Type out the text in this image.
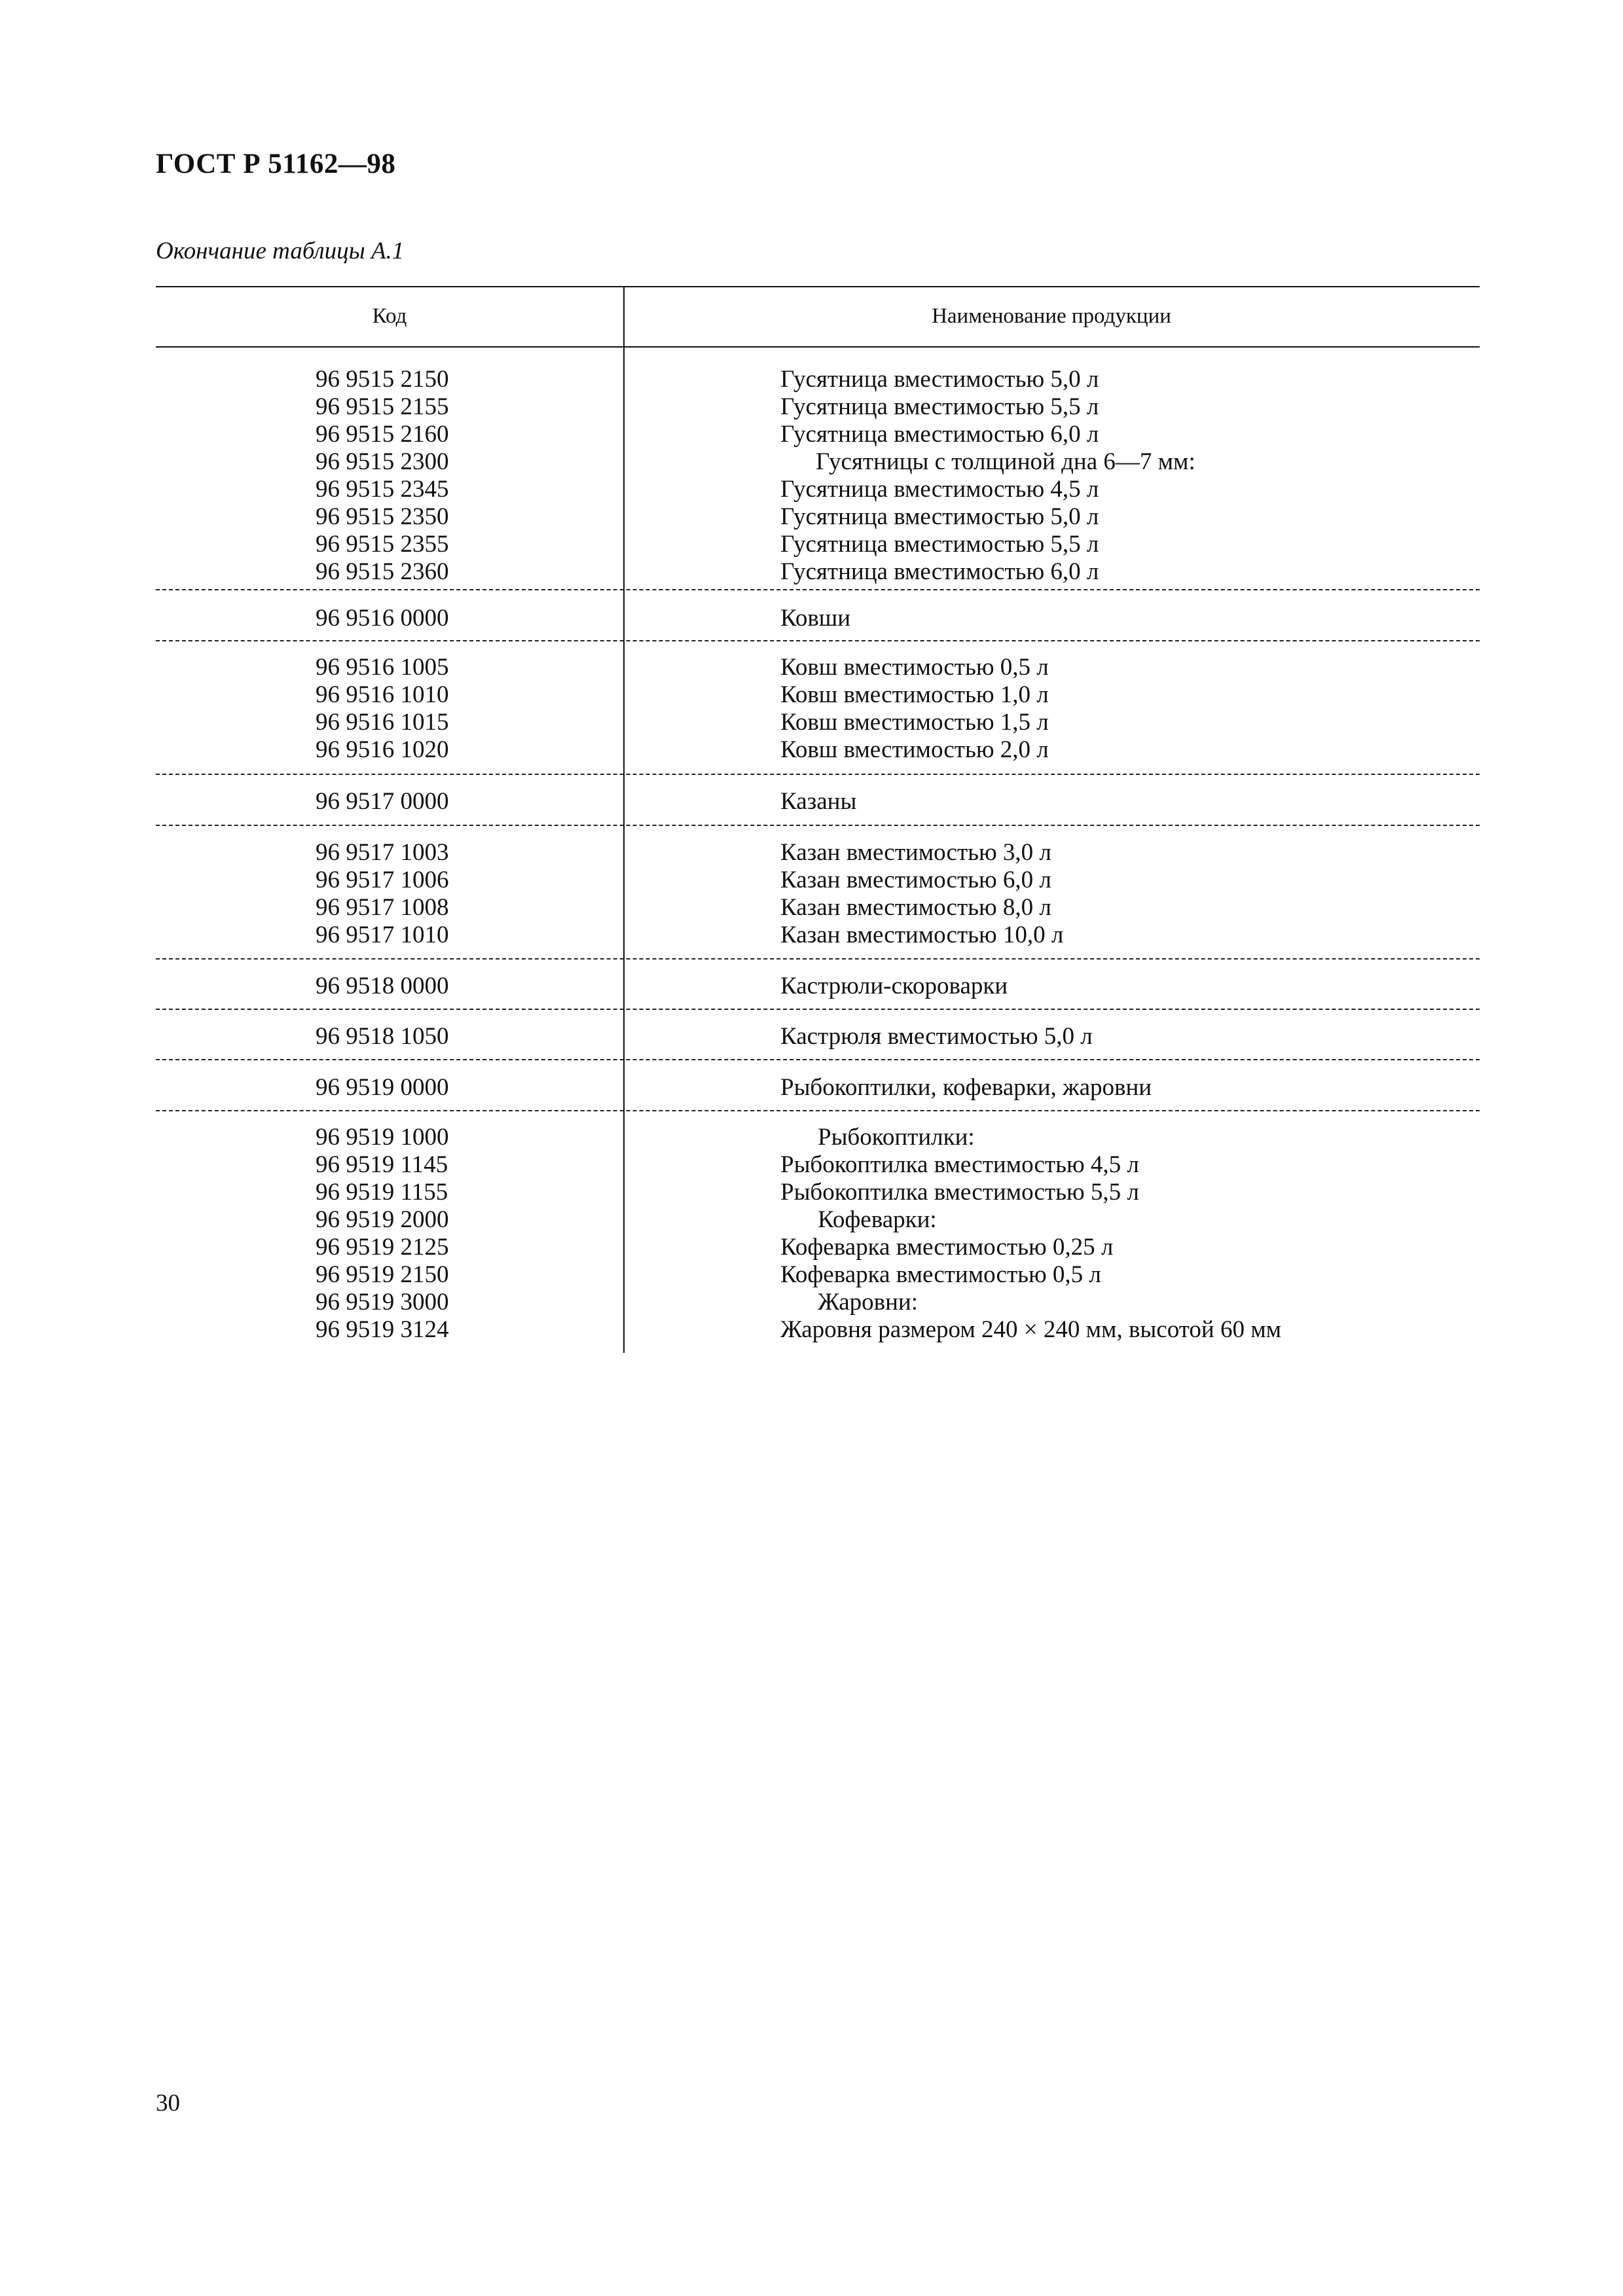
ГОСТ Р 51162—98
Окончание таблицы А.1
Код	Наименование продукции
96 9515 2150	Гусятница вместимостью 5,0 л
96 9515 2155	Гусятница вместимостью 5,5 л
96 9515 2160	Гусятница вместимостью 6,0 л
96 9515 2300	Гусятницы с толщиной дна 6—7 мм:
96 9515 2345	Гусятница вместимостью 4,5 л
96 9515 2350	Гусятница вместимостью 5,0 л
96 9515 2355	Гусятница вместимостью 5,5 л
96 9515 2360	Гусятница вместимостью 6,0 л
96 9516 0000	Ковши
96 9516 1005	Ковш вместимостью 0,5 л
96 9516 1010	Ковш вместимостью 1,0 л
96 9516 1015	Ковш вместимостью 1,5 л
96 9516 1020	Ковш вместимостью 2,0 л
96 9517 0000	Казаны
96 9517 1003	Казан вместимостью 3,0 л
96 9517 1006	Казан вместимостью 6,0 л
96 9517 1008	Казан вместимостью 8,0 л
96 9517 1010	Казан вместимостью 10,0 л
96 9518 0000	Кастрюли-скороварки
96 9518 1050	Кастрюля вместимостью 5,0 л
96 9519 0000	Рыбокоптилки, кофеварки, жаровни
96 9519 1000	Рыбокоптилки:
96 9519 1145	Рыбокоптилка вместимостью 4,5 л
96 9519 1155	Рыбокоптилка вместимостью 5,5 л
96 9519 2000	Кофеварки:
96 9519 2125	Кофеварка вместимостью 0,25 л
96 9519 2150	Кофеварка вместимостью 0,5 л
96 9519 3000	Жаровни:
96 9519 3124	Жаровня размером 240 × 240 мм, высотой 60 мм
30
